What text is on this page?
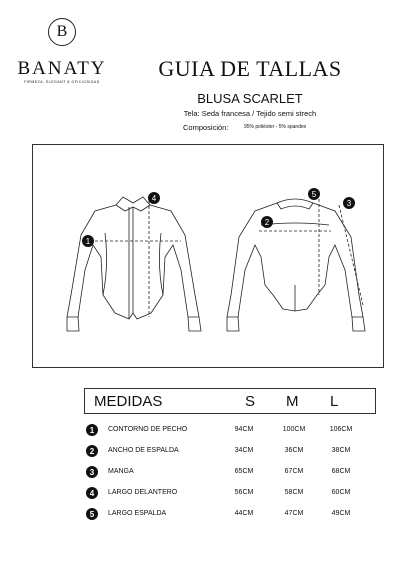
B
BANATY
FIRMEZA, ELEGANT & OFICIOSIDAD
GUIA DE TALLAS
BLUSA SCARLET
Tela: Seda francesa / Tejido semi strech
Composición:	95% poliéster - 5% spandex
1
4	5
2
3
MEDIDAS	S M L
1	CONTORNO DE PECHO	94CM	100CM	106CM
2	ANCHO DE ESPALDA	34CM	36CM	38CM
3	MANGA	65CM	67CM	68CM
4	LARGO DELANTERO	56CM	58CM	60CM
5	LARGO ESPALDA	44CM	47CM	49CM
